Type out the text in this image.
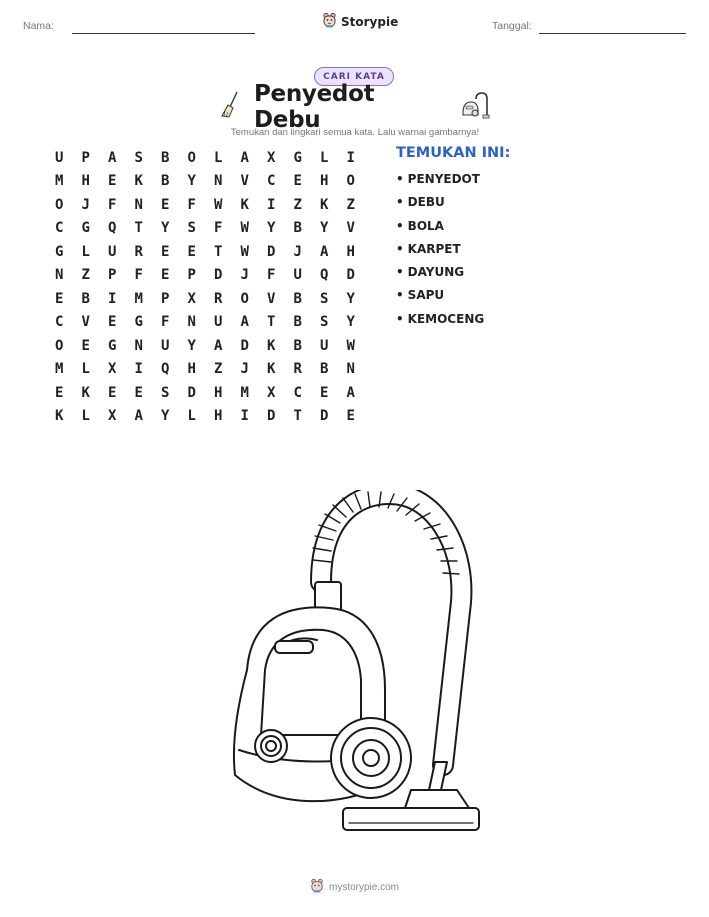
Nama:	Storypie	Tanggal:
CARI KATA
Penyedot Debu
Temukan dan lingkari semua kata. Lalu warnai gambarnya!
U	P	A	S	B	O	L	A	X	G	L	I
M	H	E	K	B	Y	N	V	C	E	H	O
O	J	F	N	E	F	W	K	I	Z	K	Z
C	G	Q	T	Y	S	F	W	Y	B	Y	V
G	L	U	R	E	E	T	W	D	J	A	H
N	Z	P	F	E	P	D	J	F	U	Q	D
E	B	I	M	P	X	R	O	V	B	S	Y
C	V	E	G	F	N	U	A	T	B	S	Y
O	E	G	N	U	Y	A	D	K	B	U	W
M	L	X	I	Q	H	Z	J	K	R	B	N
E	K	E	E	S	D	H	M	X	C	E	A
K	L	X	A	Y	L	H	I	D	T	D	E
TEMUKAN INI:
• PENYEDOT
• DEBU
• BOLA
• KARPET
• DAYUNG
• SAPU
• KEMOCENG
mystorypie.com
